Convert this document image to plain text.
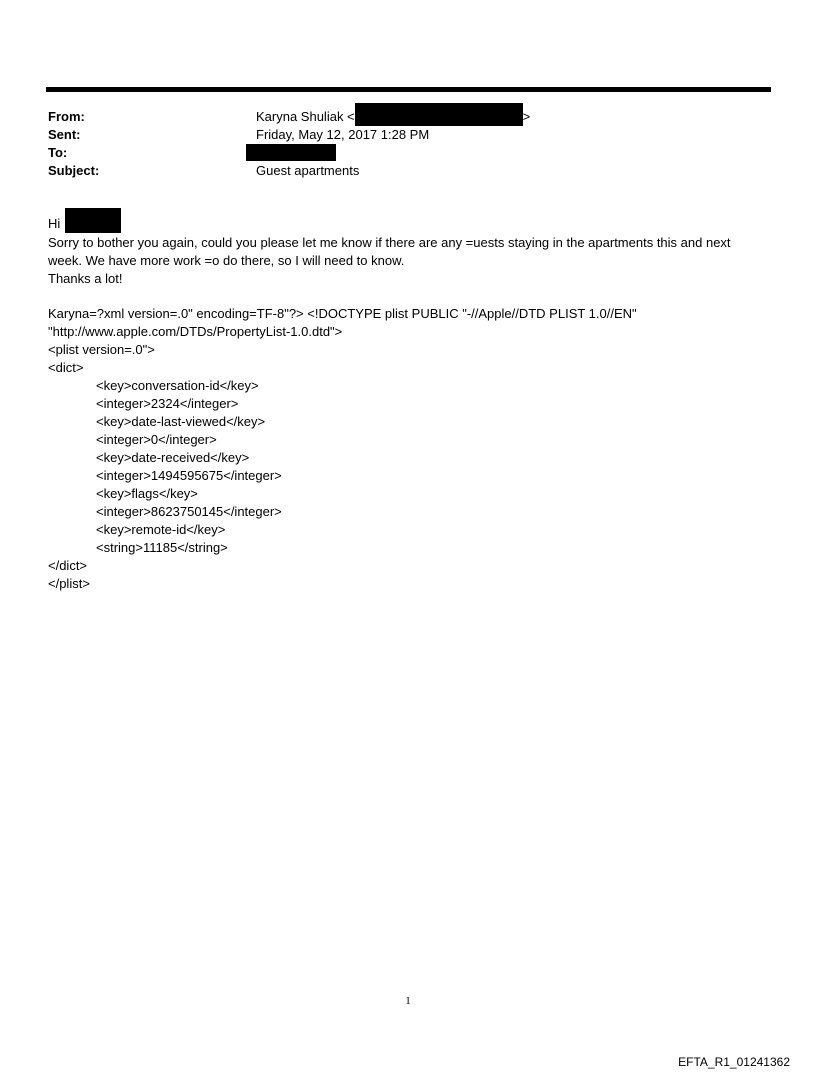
From:	Karyna Shuliak <	>
Sent:	Friday, May 12, 2017 1:28 PM
To:
Subject:	Guest apartments
Hi
Sorry to bother you again, could you please let me know if there are any =uests staying in the apartments this and next
week. We have more work =o do there, so I will need to know.
Thanks a lot!
Karyna=?xml version=.0" encoding=TF-8"?> <!DOCTYPE plist PUBLIC "-//Apple//DTD PLIST 1.0//EN"
"http://www.apple.com/DTDs/PropertyList-1.0.dtd">
<plist version=.0">
<dict>
<key>conversation-id</key>
<integer>2324</integer>
<key>date-last-viewed</key>
<integer>0</integer>
<key>date-received</key>
<integer>1494595675</integer>
<key>flags</key>
<integer>8623750145</integer>
<key>remote-id</key>
<string>11185</string>
</dict>
</plist>
1
EFTA_R1_01241362
